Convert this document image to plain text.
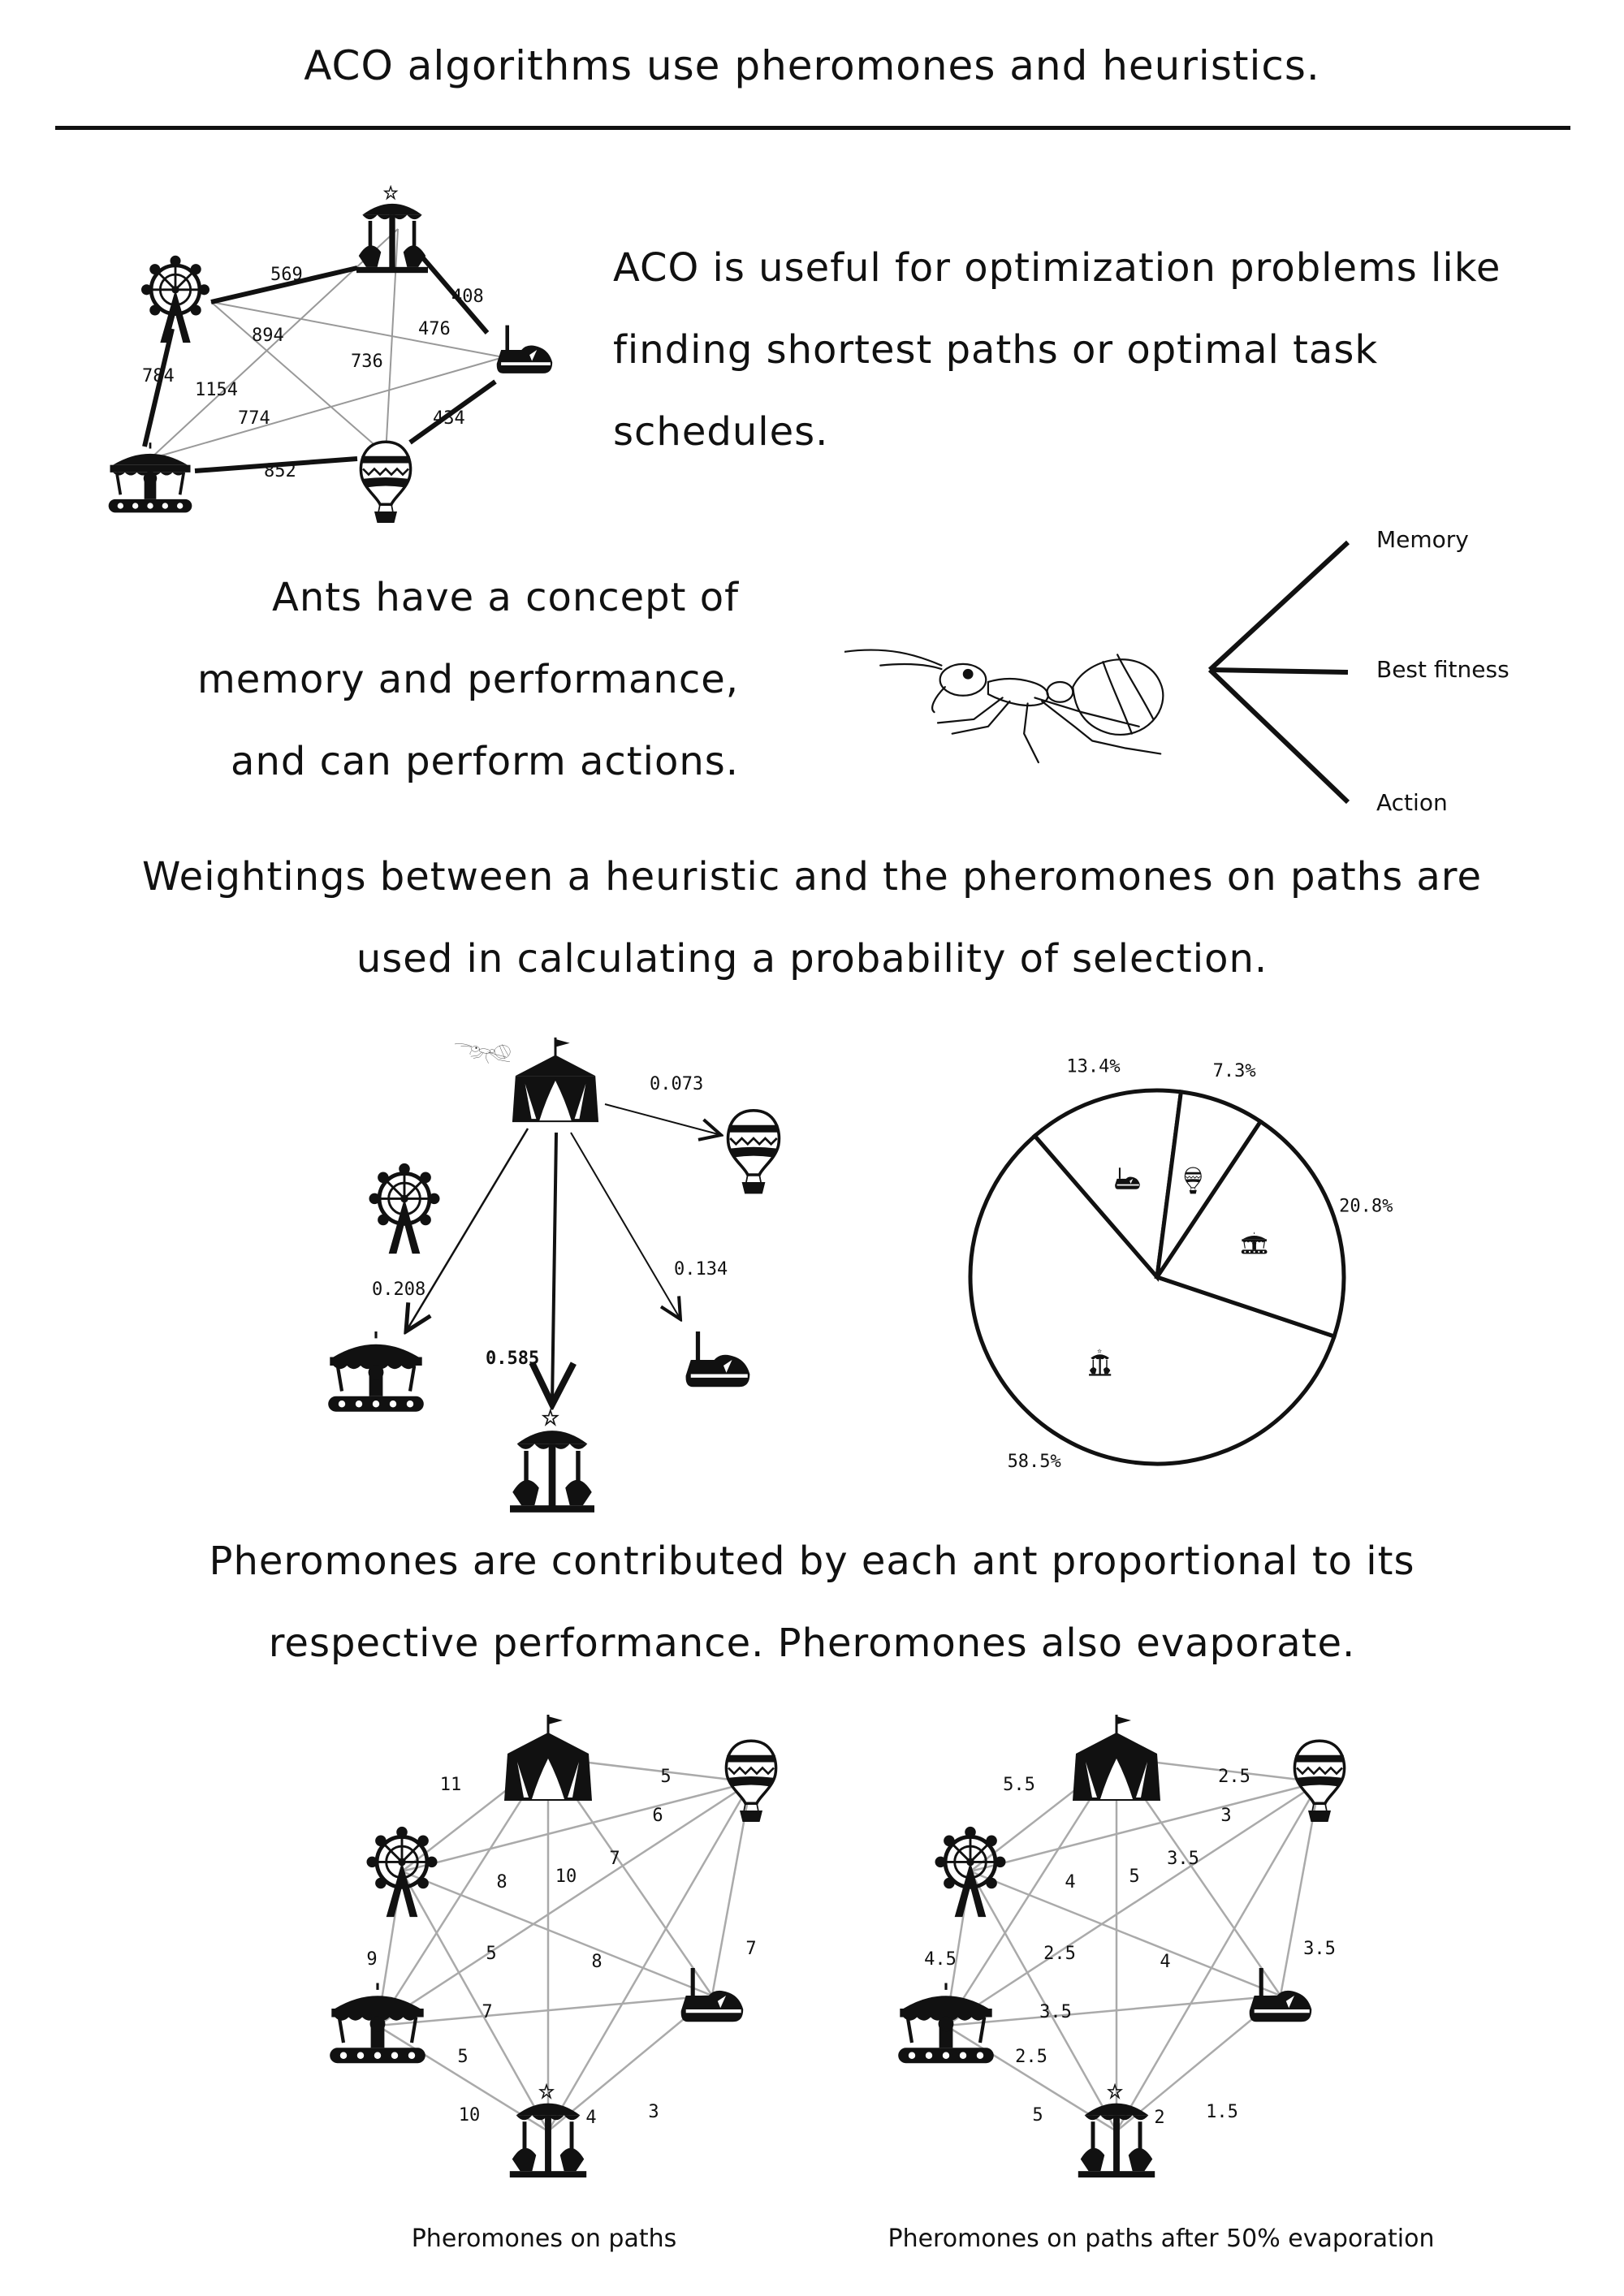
ACO algorithms use pheromones and heuristics.
569
408
894	476
736
784
1154
434
774
852
ACO is useful for optimization problems like finding shortest paths or optimal task schedules.
Ants have a concept of
memory and performance,
and can perform actions.
Memory
Best fitness
Action
Weightings between a heuristic and the pheromones on paths are
used in calculating a probability of selection.
0.073
0.208
0.134
0.585
58.5%
13.4%	7.3%
20.8%
Pheromones are contributed by each ant proportional to its
respective performance. Pheromones also evaporate.
11	5
6
8	10
7
9	5	8
7
7
5
4
10	3
5.5	2.5
3
4	5
3.5
4.5	2.5	4
3.5
3.5
2.5
2
5	1.5
Pheromones on paths	Pheromones on paths after 50% evaporation
